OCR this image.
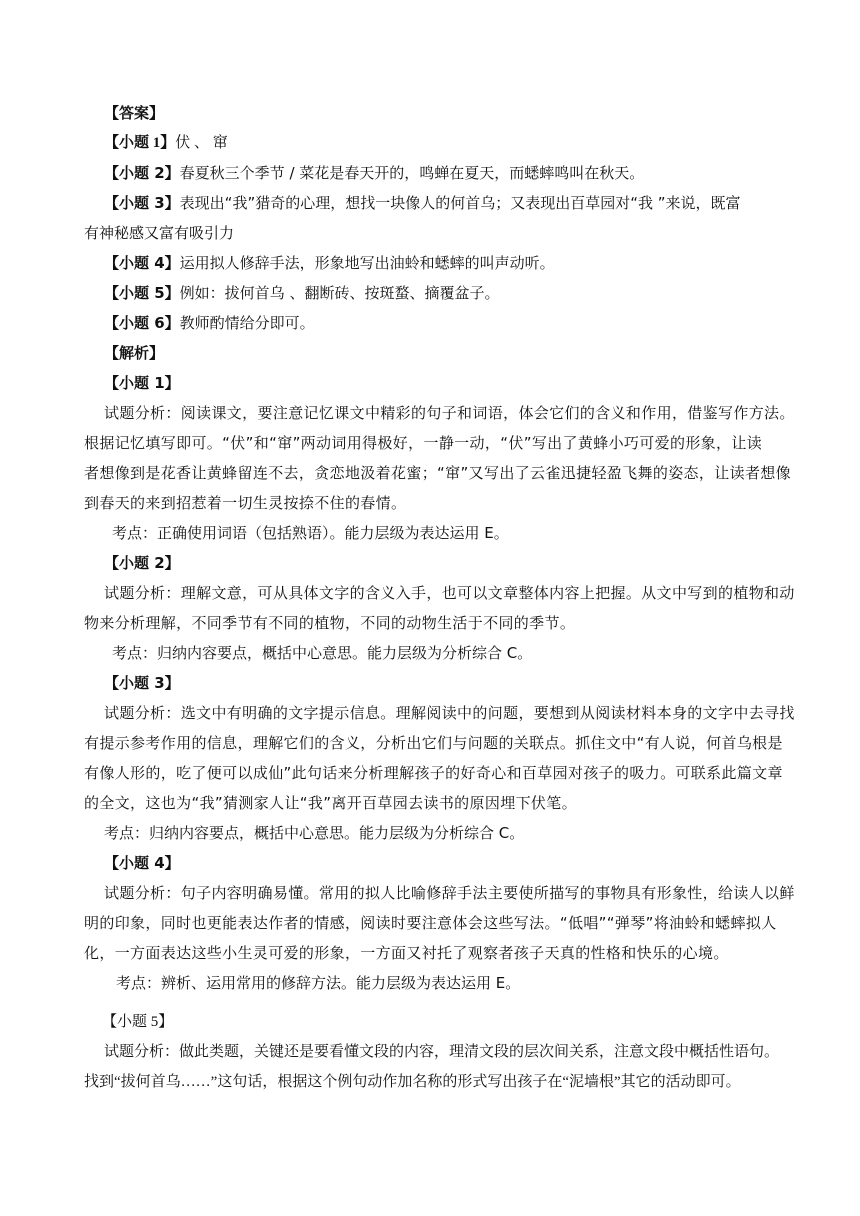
【答案】
【小题 1】伏 、 窜
【小题 2】春夏秋三个季节 / 菜花是春天开的，鸣蝉在夏天，而蟋蟀鸣叫在秋天。
【小题 3】表现出“我”猎奇的心理，想找一块像人的何首乌；又表现出百草园对“我 ”来说，既富
有神秘感又富有吸引力
【小题 4】运用拟人修辞手法，形象地写出油蛉和蟋蟀的叫声动听。
【小题 5】例如：拔何首乌 、翻断砖、按斑蝥、摘覆盆子。
【小题 6】教师酌情给分即可。
【解析】
【小题 1】
试题分析：阅读课文，要注意记忆课文中精彩的句子和词语，体会它们的含义和作用，借鉴写作方法。
根据记忆填写即可。“伏”和“窜”两动词用得极好，一静一动，“伏”写出了黄蜂小巧可爱的形象，让读
者想像到是花香让黄蜂留连不去，贪恋地汲着花蜜；“窜”又写出了云雀迅捷轻盈飞舞的姿态，让读者想像
到春天的来到招惹着一切生灵按捺不住的春情。
考点：正确使用词语（包括熟语）。能力层级为表达运用 E。
【小题 2】
试题分析：理解文意，可从具体文字的含义入手，也可以文章整体内容上把握。从文中写到的植物和动
物来分析理解，不同季节有不同的植物，不同的动物生活于不同的季节。
考点：归纳内容要点，概括中心意思。能力层级为分析综合 C。
【小题 3】
试题分析：选文中有明确的文字提示信息。理解阅读中的问题，要想到从阅读材料本身的文字中去寻找
有提示参考作用的信息，理解它们的含义，分析出它们与问题的关联点。抓住文中“有人说，何首乌根是
有像人形的，吃了便可以成仙”此句话来分析理解孩子的好奇心和百草园对孩子的吸力。可联系此篇文章
的全文，这也为“我”猜测家人让“我”离开百草园去读书的原因埋下伏笔。
考点：归纳内容要点，概括中心意思。能力层级为分析综合 C。
【小题 4】
试题分析：句子内容明确易懂。常用的拟人比喻修辞手法主要使所描写的事物具有形象性，给读人以鲜
明的印象，同时也更能表达作者的情感，阅读时要注意体会这些写法。“低唱”“弹琴”将油蛉和蟋蟀拟人
化，一方面表达这些小生灵可爱的形象，一方面又衬托了观察者孩子天真的性格和快乐的心境。
考点：辨析、运用常用的修辞方法。能力层级为表达运用 E。
【小题 5】
试题分析：做此类题，关键还是要看懂文段的内容，理清文段的层次间关系，注意文段中概括性语句。
找到“拔何首乌……”这句话，根据这个例句动作加名称的形式写出孩子在“泥墙根”其它的活动即可。
